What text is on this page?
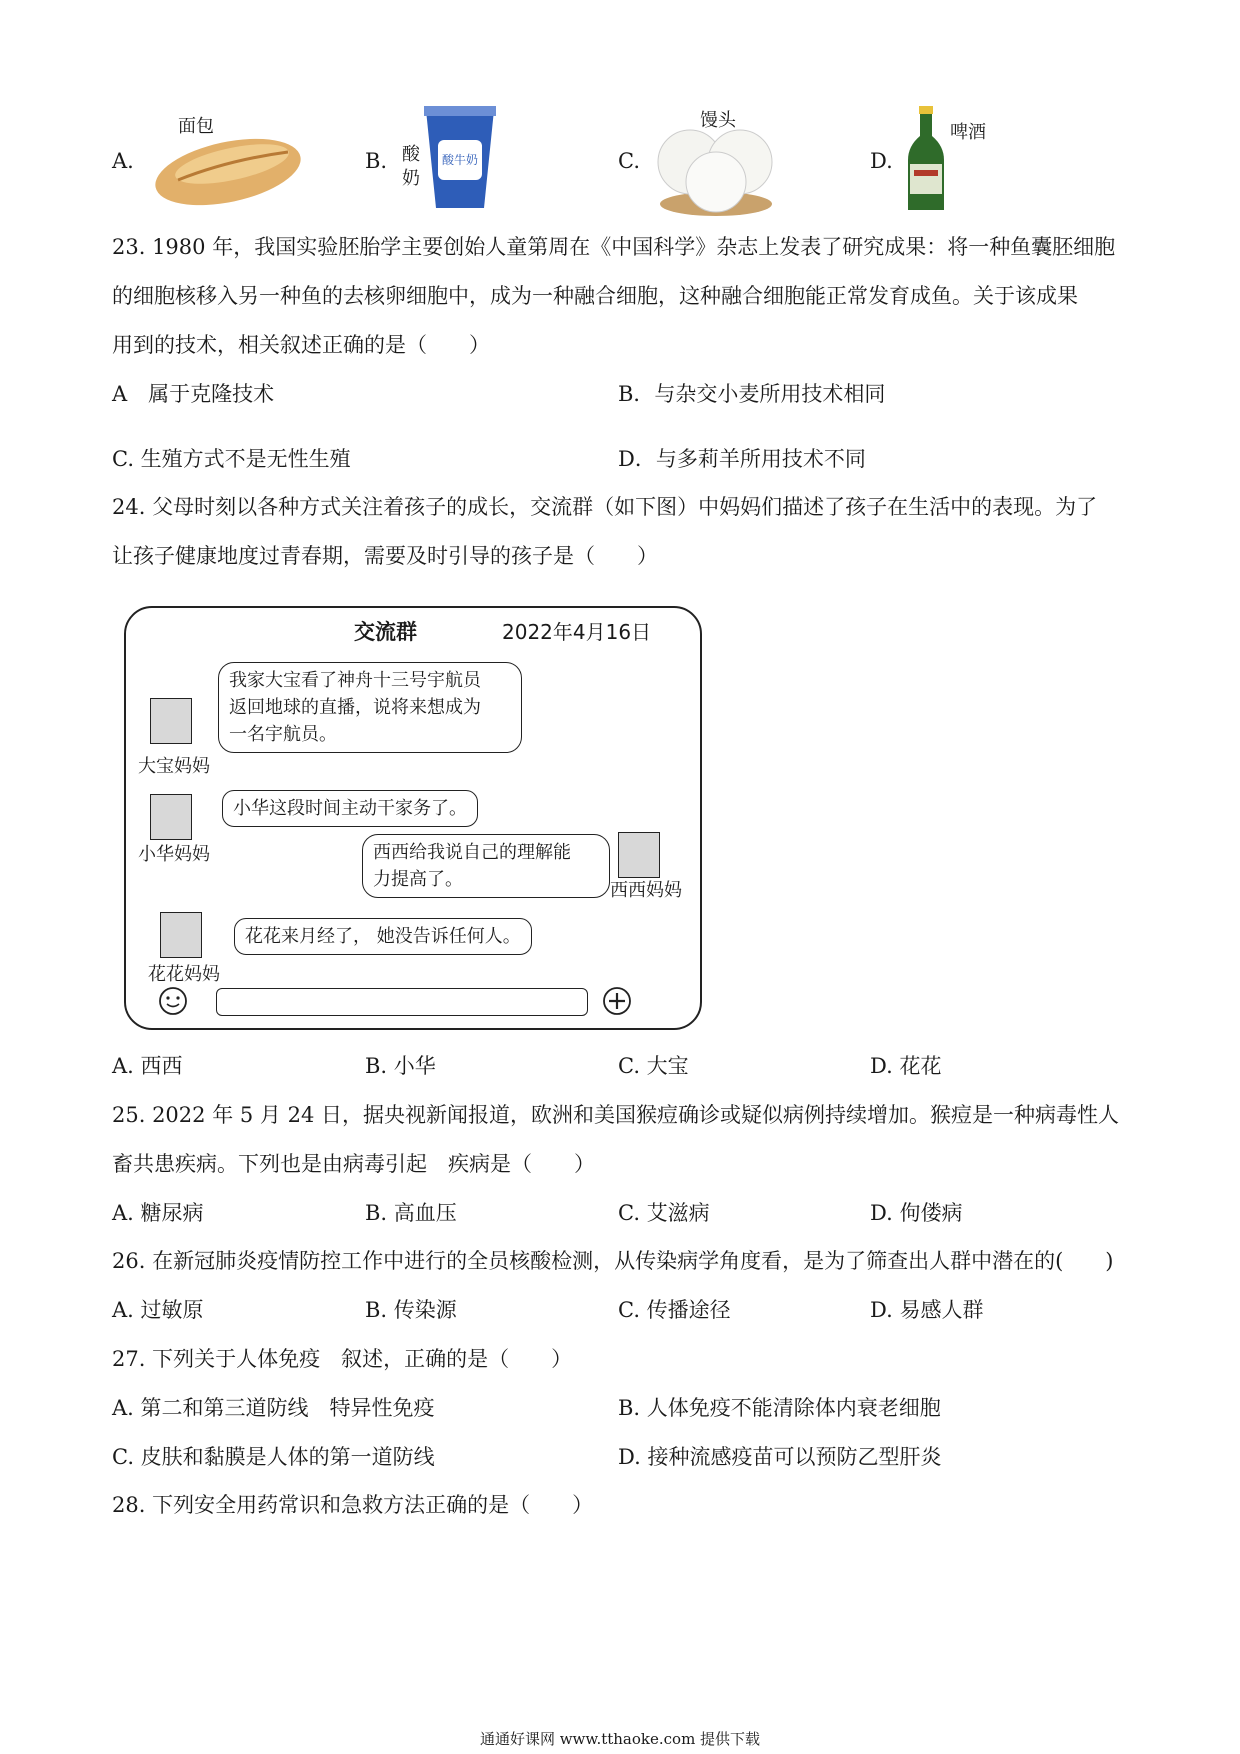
A.
面包
B. 酸
奶
酸牛奶	C.
馒头
D.
啤酒
23. 1980 年，我国实验胚胎学主要创始人童第周在《中国科学》杂志上发表了研究成果：将一种鱼囊胚细胞
的细胞核移入另一种鱼的去核卵细胞中，成为一种融合细胞，这种融合细胞能正常发育成鱼。关于该成果
用到的技术，相关叙述正确的是（　　）
A　属于克隆技术	B．与杂交小麦所用技术相同
C. 生殖方式不是无性生殖	D．与多莉羊所用技术不同
24. 父母时刻以各种方式关注着孩子的成长，交流群（如下图）中妈妈们描述了孩子在生活中的表现。为了
让孩子健康地度过青春期，需要及时引导的孩子是（　　）
交流群	2022年4月16日
大宝妈妈
我家大宝看了神舟十三号宇航员
返回地球的直播，说将来想成为
一名宇航员。
小华妈妈
小华这段时间主动干家务了。
西西妈妈
西西给我说自己的理解能
力提高了。
花花妈妈
花花来月经了， 她没告诉任何人。
A. 西西	B. 小华	C. 大宝	D. 花花
25. 2022 年 5 月 24 日，据央视新闻报道，欧洲和美国猴痘确诊或疑似病例持续增加。猴痘是一种病毒性人
畜共患疾病。下列也是由病毒引起　疾病是（　　）
A. 糖尿病	B. 高血压	C. 艾滋病	D. 佝偻病
26. 在新冠肺炎疫情防控工作中进行的全员核酸检测，从传染病学角度看，是为了筛查出人群中潜在的(　　)
A. 过敏原	B. 传染源	C. 传播途径	D. 易感人群
27. 下列关于人体免疫　叙述，正确的是（　　）
A. 第二和第三道防线　特异性免疫	B. 人体免疫不能清除体内衰老细胞
C. 皮肤和黏膜是人体的第一道防线	D. 接种流感疫苗可以预防乙型肝炎
28. 下列安全用药常识和急救方法正确的是（　　）
通通好课网 www.tthaoke.com 提供下载
